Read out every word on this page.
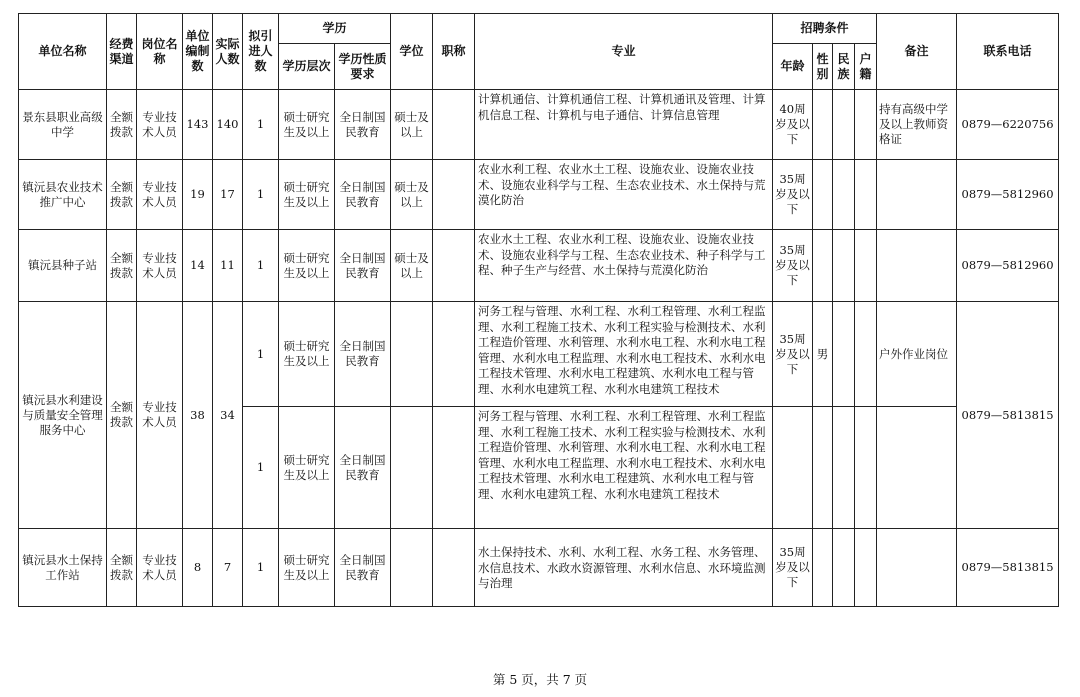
单位名称	经费渠道	岗位名称	单位编制数	实际人数	拟引进人数	学历		学位	职称	专业	招聘条件				备注	联系电话
						学历层次	学历性质要求				年龄	性别	民族	户籍		
景东县职业高级中学	全额拨款	专业技术人员	143	140	1	硕士研究生及以上	全日制国民教育	硕士及以上		计算机通信、计算机通信工程、计算机通讯及管理、计算机信息工程、计算机与电子通信、计算信息管理	40周岁及以下				持有高级中学及以上教师资格证	0879—6220756
镇沅县农业技术推广中心	全额拨款	专业技术人员	19	17	1	硕士研究生及以上	全日制国民教育	硕士及以上		农业水利工程、农业水土工程、设施农业、设施农业技术、设施农业科学与工程、生态农业技术、水土保持与荒漠化防治	35周岁及以下					0879—5812960
镇沅县种子站	全额拨款	专业技术人员	14	11	1	硕士研究生及以上	全日制国民教育	硕士及以上		农业水土工程、农业水利工程、设施农业、设施农业技术、设施农业科学与工程、生态农业技术、种子科学与工程、种子生产与经营、水土保持与荒漠化防治	35周岁及以下					0879—5812960
镇沅县水利建设与质量安全管理服务中心	全额拨款	专业技术人员	38	34	1	硕士研究生及以上	全日制国民教育			河务工程与管理、水利工程、水利工程管理、水利工程监理、水利工程施工技术、水利工程实验与检测技术、水利工程造价管理、水利管理、水利水电工程、水利水电工程管理、水利水电工程监理、水利水电工程技术、水利水电工程技术管理、水利水电工程建筑、水利水电工程与管理、水利水电建筑工程、水利水电建筑工程技术	35周岁及以下	男			户外作业岗位	0879—5813815
					1	硕士研究生及以上	全日制国民教育			河务工程与管理、水利工程、水利工程管理、水利工程监理、水利工程施工技术、水利工程实验与检测技术、水利工程造价管理、水利管理、水利水电工程、水利水电工程管理、水利水电工程监理、水利水电工程技术、水利水电工程技术管理、水利水电工程建筑、水利水电工程与管理、水利水电建筑工程、水利水电建筑工程技术						
镇沅县水土保持工作站	全额拨款	专业技术人员	8	7	1	硕士研究生及以上	全日制国民教育			水土保持技术、水利、水利工程、水务工程、水务管理、水信息技术、水政水资源管理、水利水信息、水环境监测与治理	35周岁及以下					0879—5813815
第 5 页，共 7 页
